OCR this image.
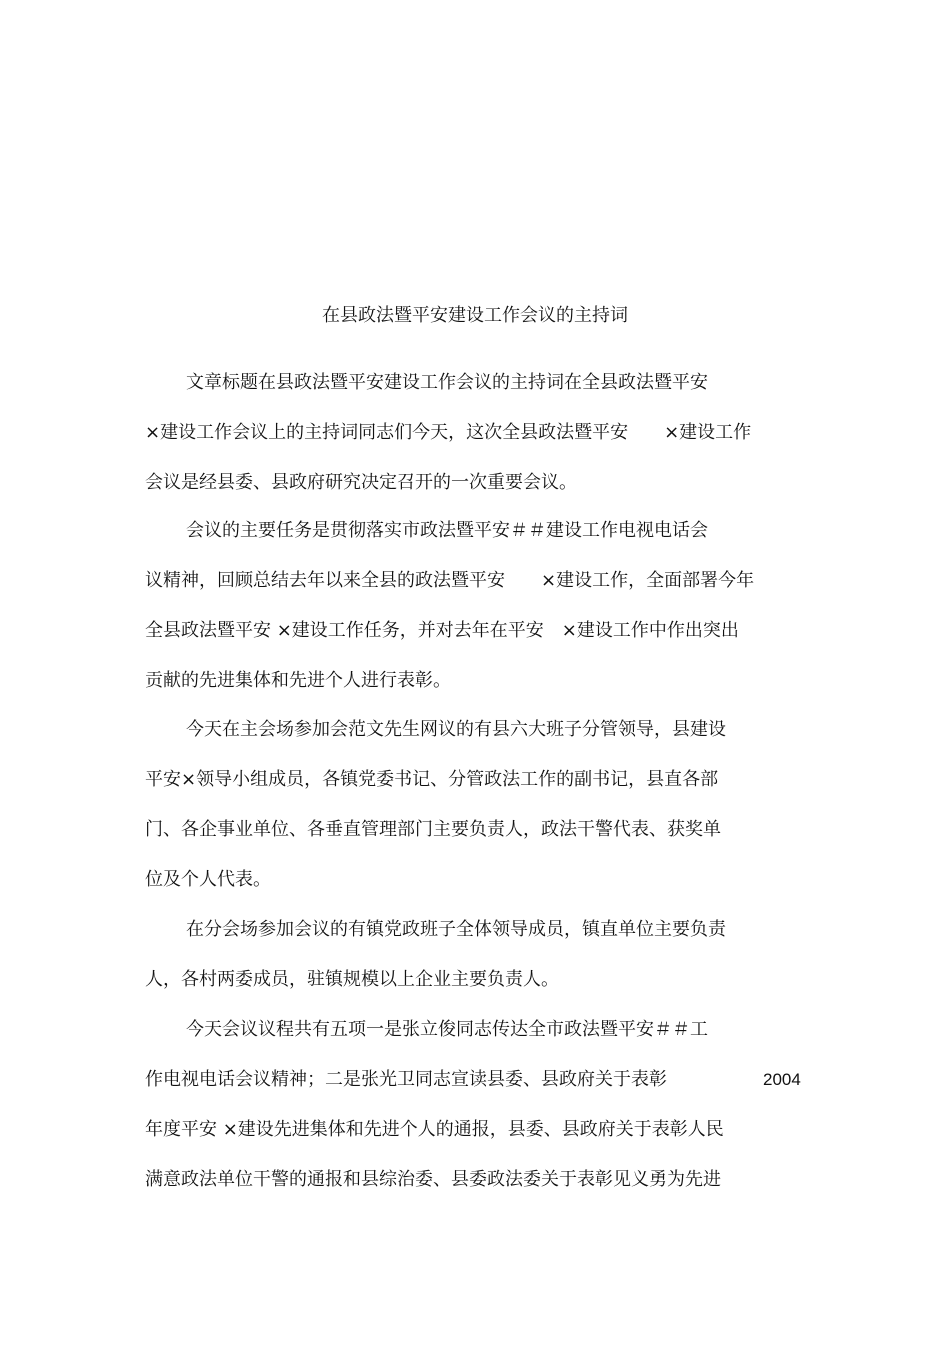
在县政法暨平安建设工作会议的主持词
文章标题在县政法暨平安建设工作会议的主持词在全县政法暨平安
×建设工作会议上的主持词同志们今天，这次全县政法暨平安　　×建设工作
会议是经县委、县政府研究决定召开的一次重要会议。
会议的主要任务是贯彻落实市政法暨平安＃＃建设工作电视电话会
议精神，回顾总结去年以来全县的政法暨平安　　×建设工作，全面部署今年
全县政法暨平安 ×建设工作任务，并对去年在平安　×建设工作中作出突出
贡献的先进集体和先进个人进行表彰。
今天在主会场参加会范文先生网议的有县六大班子分管领导，县建设
平安×领导小组成员，各镇党委书记、分管政法工作的副书记，县直各部
门、各企事业单位、各垂直管理部门主要负责人，政法干警代表、获奖单
位及个人代表。
在分会场参加会议的有镇党政班子全体领导成员，镇直单位主要负责
人，各村两委成员，驻镇规模以上企业主要负责人。
今天会议议程共有五项一是张立俊同志传达全市政法暨平安＃＃工
作电视电话会议精神；二是张光卫同志宣读县委、县政府关于表彰	2004
年度平安 ×建设先进集体和先进个人的通报，县委、县政府关于表彰人民
满意政法单位干警的通报和县综治委、县委政法委关于表彰见义勇为先进
